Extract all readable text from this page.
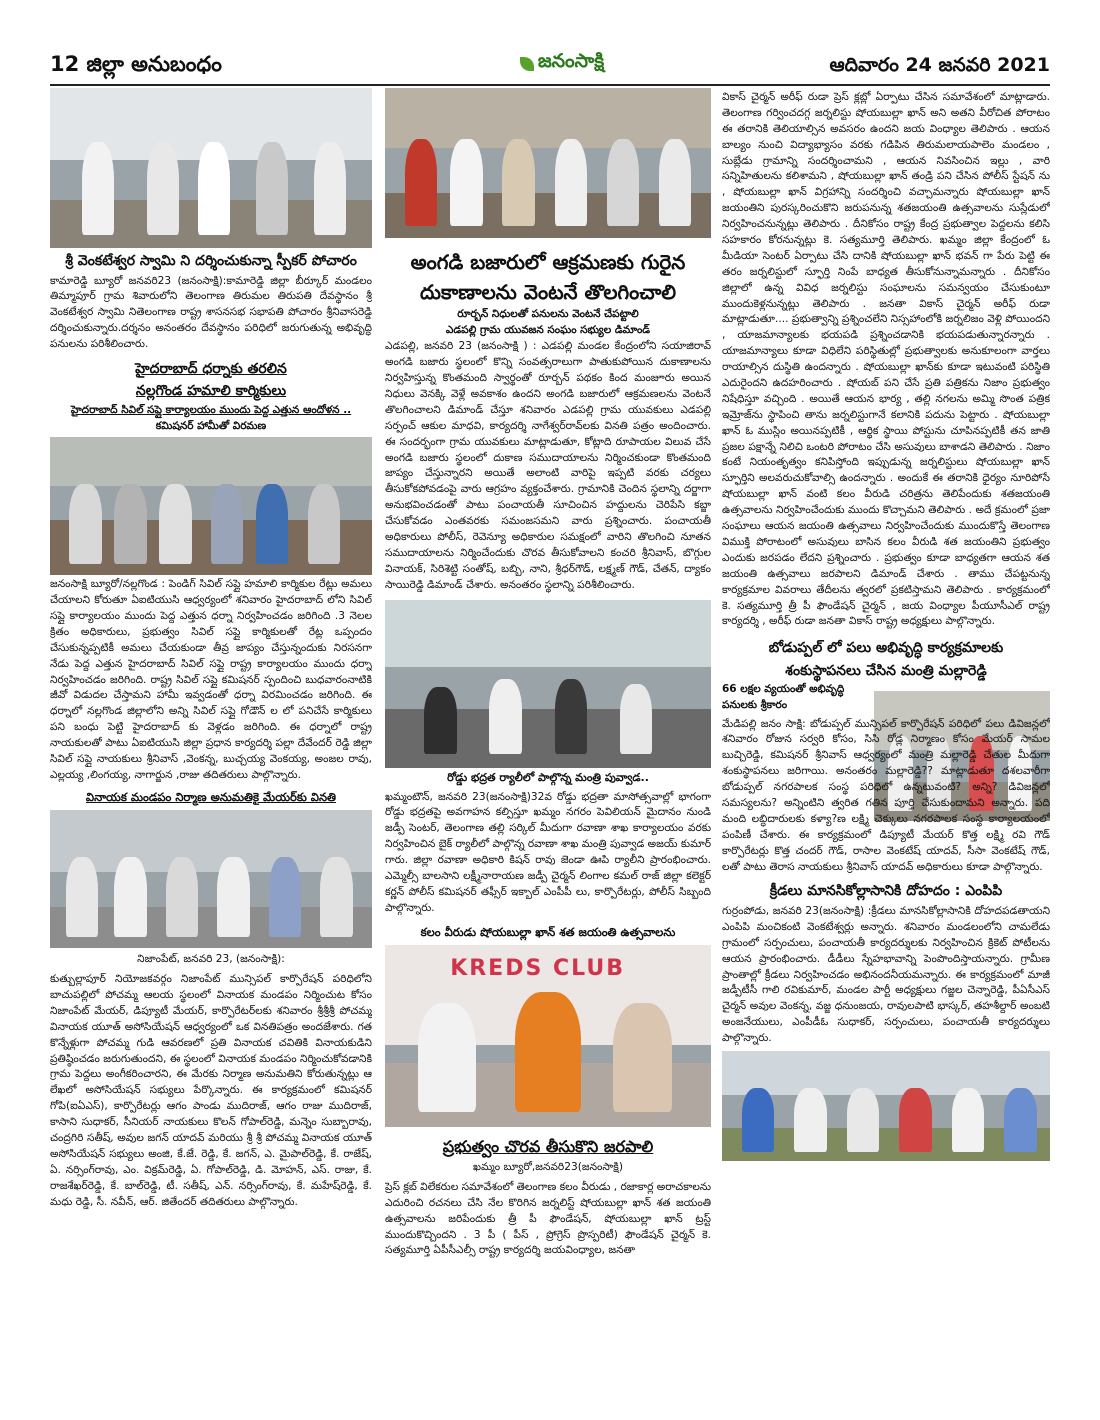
12 జిల్లా అనుబంధం	జనంసాక్షి	ఆదివారం 24 జనవరి 2021
శ్రీ వెంకటేశ్వర స్వామి ని దర్శించుకున్నా స్పీకర్ పోచారం
కామారెడ్డి బ్యూరో జనవరి23 (జనంసాక్షి):కామారెడ్డి జిల్లా బీర్కూర్ మండలం తిమ్మాపూర్ గ్రామ శివారులోని తెలంగాణ తిరుమల తిరుపతి దేవస్థానం శ్రీ వెంకటేశ్వర స్వామి నితెలంగాణ రాష్ట్ర శాసనసభ సభాపతి పోచారం శ్రీనివాసరెడ్డి దర్శించుకున్నారు.దర్శనం అనంతరం దేవస్థానం పరిధిలో జరుగుతున్న అభివృద్ధి పనులను పరిశీలించారు.
హైదరాబాద్ ధర్నాకు తరలిన
నల్లగొండ హమాలి కార్మికులు
హైదరాబాద్ సివిల్ సప్లై కార్యాలయం ముందు పెద్ద ఎత్తున ఆందోళన ..
కమిషనర్ హామీతో విరమణ
జనంసాక్షి బ్యూరో/నల్లగొండ : పెండిగ్ సివిల్ సప్లై హమాలి కార్మికుల రేట్లు అమలు చేయాలని కోరుతూ ఏఐటియుసి ఆధ్వర్యంలో శనివారం హైదరాబాద్ లోని సివిల్ సప్లై కార్యాలయం ముందు పెద్ద ఎత్తున ధర్నా నిర్వహించడం జరిగింది .3 నెలల క్రితం అధికారులు, ప్రభుత్వం సివిల్ సప్లై కార్మికులతో రేట్ల ఒప్పందం చేసుకున్నప్పటికీ అమలు చేయకుండా తీవ్ర జాప్యం చేస్తున్నందుకు నిరసనగా నేడు పెద్ద ఎత్తున హైదరాబాద్ సివిల్ సప్లై రాష్ట్ర కార్యాలయం ముందు ధర్నా నిర్వహించడం జరిగింది. రాష్ట్ర సివిల్ సప్లై కమిషనర్ స్పందించి బుధవారంనాటికి జీవో విడుదల చేస్తామని హామీ ఇవ్వడంతో ధర్నా విరమించడం జరిగింది. ఈ ధర్నాలో నల్లగొండ జిల్లాలోని అన్ని సివిల్ సప్లై గోడౌన్ ల లో పనిచేసే కార్మికులు పని బంధు పెట్టి హైదరాబాద్ కు వెళ్లడం జరిగింది. ఈ ధర్నాలో రాష్ట్ర నాయకులతో పాటు ఏఐటియుసి జిల్లా ప్రధాన కార్యదర్శి పల్లా దేవేందర్ రెడ్డి జిల్లా సివిల్ సప్లై నాయకులు శ్రీనివాస్ ,వెంకన్న, బుచ్చయ్య వెంకయ్య, అంజల రావు, ఎల్లయ్య ,లింగయ్య, నాగార్జున ,రాజు తదితరులు పాల్గొన్నారు.
వినాయక మండపం నిర్మాణ అనుమతికై మేయర్‌కు వినతి
నిజాంపేట్, జనవరి 23, (జనంసాక్షి):
కుత్బుల్లాపూర్ నియోజకవర్గం నిజాంపేట్ మున్సిపల్ కార్పొరేషన్ పరిధిలోని బాచుపల్లిలో పోచమ్మ ఆలయ స్థలంలో వినాయక మండపం నిర్మించుట కోసం నిజాంపేట్ మేయర్, డిప్యూటీ మేయర్, కార్పొరేటర్‌లకు శనివారం శ్రీశ్రీశ్రీ పోచమ్మ వినాయక యూత్ అసోసియేషన్ ఆధ్వర్యంలో ఒక వినతిపత్రం అందజేశారు. గత కొన్నేళ్లుగా పోచమ్మ గుడి ఆవరణలో ప్రతి వినాయక చవితికి వినాయకుడిని ప్రతిష్ఠించడం జరుగుతుందని, ఈ స్థలంలో వినాయక మండపం నిర్మించుకోవడానికి గ్రామ పెద్దలు అంగీకరించారని, ఈ మేరకు నిర్మాణ అనుమతిని కోరుతున్నట్లు ఆ లేఖలో అసోసియేషన్ సభ్యులు పేర్కొన్నారు. ఈ కార్యక్రమంలో కమిషనర్ గోపి(ఐఏఎస్), కార్పొరేటర్లు ఆగం పాండు ముదిరాజ్, ఆగం రాజు ముదిరాజ్, కాసాని సుధాకర్, సీనియర్ నాయకులు కొలన్ గోపాల్‌రెడ్డి, మన్నెం సుబ్బారావు, చంద్రగిరి సతీష్, అవుల జగన్ యాదవ్ మరియు శ్రీ శ్రీ పోచమ్మ వినాయక యూత్ అసోసియేషన్ సభ్యులు అంజి, కే.జే. రెడ్డి, కే. జగన్, ఎ. మైపాల్‌రెడ్డి, కే. రాజేష్, ఏ. నర్సింగ్‌రావు, ఎం. విక్రమ్‌రెడ్డి, ఏ. గోపాల్‌రెడ్డి, డి. మోహన్, ఎస్. రాజు, కే. రాజశేఖర్‌రెడ్డి, కే. బాల్‌రెడ్డి, టీ. సతీష్, ఎన్. నర్సింగ్‌రావు, కే. మహేష్‌రెడ్డి, కే. మధు రెడ్డి, సీ. నవీన్, ఆర్. జితేందర్ తదితరులు పాల్గొన్నారు.
అంగడి బజారులో ఆక్రమణకు గురైన
దుకాణాలను వెంటనే తొలగించాలి
రూర్బన్ నిధులతో పనులను వెంటనే చేపట్టాలి
ఎడపల్లి గ్రామ యువజన సంఘం సభ్యుల డిమాండ్
ఎడపల్లి, జనవరి 23 (జనంసాక్షి ) : ఎడపల్లి మండల కేంద్రంలోని సయాజిరావ్ అంగడి బజారు స్థలంలో కొన్ని సంవత్సరాలుగా పాతుకుపోయిన దుకాణాలను నిర్వహిస్తున్న కొంతమంది స్వార్థంతో రూర్బన్ పథకం కింద మంజూరు అయిన నిధులు వెనక్కి వెళ్లే అవకాశం ఉందని అంగడి బజారులో ఆక్రమణలను వెంటనే తొలగించాలని డిమాండ్ చేస్తూ శనివారం ఎడపల్లి గ్రామ యువకులు ఎడపల్లి సర్పంచ్ ఆకుల మాధవి, కార్యదర్శి నాగేశ్వర్‌రావ్‌లకు వినతి పత్రం అందించారు. ఈ సందర్భంగా గ్రామ యువకులు మాట్లాడుతూ, కోట్లాది రూపాయల విలువ చేసే అంగడి బజారు స్థలంలో దుకాణ సముదాయాలను నిర్మించకుండా కొంతమంది జాప్యం చేస్తున్నారని అయితే అలాంటి వారిపై ఇప్పటి వరకు చర్యలు తీసుకోకపోవడంపై వారు ఆగ్రహం వ్యక్తంచేశారు. గ్రామానికి చెందిన స్థలాన్ని దర్జాగా అనుభవించడంతో పాటు పంచాయతీ సూచించిన హద్దులను చెరిపేసి కబ్జా చేసుకోవడం ఎంతవరకు సమంజసమని వారు ప్రశ్నించారు. పంచాయతీ అధికారులు పోలీస్, రెవెన్యూ అధికారుల సమక్షంలో వారిని తొలగించి నూతన సముదాయాలను నిర్మించేందుకు చొరవ తీసుకోవాలని కంచరి శ్రీనివాస్, బొగ్గుల వినాయక్, సిరిశెట్టి సంతోష్, బబ్బి, నాని, శ్రీధర్‌గౌడ్, లక్ష్మణ్ గౌడ్, చేతన్, ద్యాకం సాయిరెడ్డి డిమాండ్ చేశారు. అనంతరం స్థలాన్ని పరిశీలించారు.
రోడ్డు భద్రత ర్యాలీలో పాల్గొన్న మంత్రి పువ్వాడ..
ఖమ్మంటౌన్, జనవరి 23(జనంసాక్షి)32వ రోడ్డు భద్రతా మాసోత్సవాల్లో భాగంగా రోడ్డు భద్రతపై అవగాహన కల్పిస్తూ ఖమ్మం నగరం పెవిలియన్ మైదానం నుండి జడ్పీ సెంటర్, తెలంగాణ తల్లి సర్కిల్ మీదుగా రవాణా శాఖ కార్యాలయం వరకు నిర్వహించిన బైక్ ర్యాలీలో పాల్గొన్న రవాణా శాఖ మంత్రి పువ్వాడ అజయ్ కుమార్ గారు. జిల్లా రవాణా అధికారి కిషన్ రావు జెండా ఊపి ర్యాలీని ప్రారంభించారు. ఎమ్మెల్సీ బాలసాని లక్ష్మీనారాయణ జడ్పీ చైర్మన్ లింగాల కమల్ రాజ్ జిల్లా కలెక్టర్ కర్ణన్ పోలీస్ కమిషనర్ తఫ్సీర్ ఇక్బాల్ ఎంపీపీ లు, కార్పొరేటర్లు, పోలీస్ సిబ్బంది పాల్గొన్నారు.
కలం వీరుడు షోయబుల్లా ఖాన్ శత జయంతి ఉత్సవాలను
KREDS CLUB
ప్రభుత్వం చొరవ తీసుకొని జరపాలి
ఖమ్మం బ్యూరో,జనవరి23(జనంసాక్షి)
ప్రెస్ క్లబ్ విలేకరుల సమావేశంలో తెలంగాణ కలం వీరుడు , రజాకార్ల అరాచకాలను ఎదురించి రచనలు చేసి నేల కొరిగిన జర్నలిస్ట్ షోయబుల్లా ఖాన్ శత జయంతి ఉత్సవాలను జరిపేందుకు త్రీ పీ ఫౌండేషన్, షోయబుల్లా ఖాన్ ట్రస్ట్ ముందుకొచ్చిందని . 3 పీ ( పీస్ , ప్రోగ్రెస్ ప్రొస్పరిటీ) ఫౌండేషన్ చైర్మన్ కె. సత్యమూర్తి ఏపీసీఎల్సీ రాష్ట్ర కార్యదర్శి జయవింధ్యాల, జనతా
వికాస్ చైర్మన్ అరీఫ్ రుడా ప్రెస్ క్లబ్లో ఏర్పాటు చేసిన సమావేశంలో మాట్లాడారు. తెలంగాణ గర్వించదగ్గ జర్నలిస్టు షోయబుల్లా ఖాన్ అని అతని వీరోచిత పోరాటం ఈ తరానికి తెలియాల్సిన అవసరం ఉందని జయ వింధ్యాల తెలిపారు . ఆయన బాల్యం నుంచి విద్యాభ్యాసం వరకు గడిపిన తిరుమలాయపాలెం మండలం , సుబ్లేడు గ్రామాన్ని సందర్శించామని , ఆయన నివసించిన ఇల్లు , వారి సన్నిహితులను కలిశామని , షోయబుల్లా ఖాన్ తండ్రి పని చేసిన పోలీస్ స్టేషన్ ను , షోయబుల్లా ఖాన్ విగ్రహాన్ని సందర్శించి వచ్చామన్నారు షోయబుల్లా ఖాన్ జయంతిని పురస్కరించుకొని జరుపనున్న శతజయంతి ఉత్సవాలను సుస్లేడులో నిర్వహించనున్నట్లు తెలిపారు . దీనికోసం రాష్ట్ర కేంద్ర ప్రభుత్వాల పెద్దలను కలిసి సహకారం కోరనున్నట్లు కె. సత్యమూర్తి తెలిపారు. ఖమ్మం జిల్లా కేంద్రంలో ఓ మీడియా సెంటర్ ఏర్పాటు చేసి దానికి షోయబుల్లా ఖాన్ భవన్ గా పేరు పెట్టి ఈ తరం జర్నలిస్టులో స్ఫూర్తి నింపే బాధ్యత తీసుకోనున్నామన్నారు . దీనికోసం జిల్లాలో ఉన్న వివిధ జర్నలిస్టు సంఘాలను సమన్వయం చేసుకుంటూ ముందుకెళ్లనున్నట్లు తెలిపారు . జనతా వికాస్ చైర్మన్ అరీఫ్ రుడా మాట్లాడుతూ.... ప్రభుత్వాన్ని ప్రశ్నించలేని నిస్సహాంలోకి జర్నలిజం వెళ్లి పోయిందని , యాజమాన్యాలకు భయపడి ప్రశ్నించడానికి భయపడుతున్నారన్నారు . యాజమాన్యాలు కూడా విధిలేని పరిస్థితుల్లో ప్రభుత్వాలకు అనుకూలంగా వార్తలు రాయాల్సిన దుస్థితి ఉందన్నారు . షోయబుల్లా ఖాన్‌కు కూడా ఇటువంటి పరిస్థితి ఎదురైందని ఉదహరించారు . షోయబ్ పని చేసే ప్రతి పత్రికను నిజాం ప్రభుత్వం నిషేధిస్తూ వచ్చింది . అయితే ఆయన భార్య , తల్లి నగలను అమ్మి సొంత పత్రిక ఇమ్రోజ్‌ను స్థాపించి తాను జర్నలిస్టుగానే కలానికి పదును పెట్టారు . షోయబుల్లా ఖాన్ ఓ ముస్లిం అయినప్పటికీ , ఆర్థిక స్థాయి పోస్టును చూపినప్పటికీ తన జాతి ప్రజల పక్షాన్నే నిలిచి ఒంటరి పోరాటం చేసి అసువులు బాశాడని తెలిపారు . నిజాం కంటే నియంతృత్వం కనిపిస్తోంది ఇప్పుడున్న జర్నలిస్టులు షోయబుల్లా ఖాన్ స్ఫూర్తిని అలవరుచుకోవాల్సి ఉందన్నారు . అందుకే ఈ తరానికి ధైర్యం నూరిపోసే షోయబుల్లా ఖాన్ వంటి కలం వీరుడి చరిత్రను తెలిపేందుకు శతజయంతి ఉత్సవాలను నిర్వహించేందుకు ముందు కొచ్చామని తెలిపారు . అదే క్రమంలో ప్రజా సంఘాలు ఆయన జయంతి ఉత్సవాలు నిర్వహించేందుకు ముందుకొస్తే తెలంగాణ విముక్తి పోరాటంలో అసువులు బాసిన కలం వీరుడి శత జయంతిని ప్రభుత్వం ఎందుకు జరపడం లేదని ప్రశ్నించారు . ప్రభుత్వం కూడా బాధ్యతగా ఆయన శత జయంతి ఉత్సవాలు జరపాలని డిమాండ్ చేశారు . తాము చేపట్టనున్న కార్యక్రమాల వివరాలు తేదీలను త్వరలో ప్రకటిస్తామని తెలిపారు . కార్యక్రమంలో కె. సత్యమూర్తి త్రీ పీ ఫౌండేషన్ చైర్మన్ , జయ వింధ్యాల పీయూసీఎల్ రాష్ట్ర కార్యదర్శి , అరీఫ్ రుడా జనతా వికాస్ రాష్ట్ర అధ్యక్షులు పాల్గొన్నారు.
బోడుప్పల్ లో పలు అభివృద్ధి కార్యక్రమాలకు
శంకుస్థాపనలు చేసిన మంత్రి మల్లారెడ్డి
66 లక్షల వ్యయంతో అభివృద్ధి
పనులకు శ్రీకారం
మేడిపల్లి జనం సాక్షి: బోడుప్పల్ మున్సిపల్ కార్పొరేషన్ పరిధిలో పలు డివిజన్లలో శనివారం రోజున సర్వరి కోసం, సిసి రోడ్ల నిర్మాణం కోసం మేయర్ సామల బుచ్చిరెడ్డి, కమిషనర్ శ్రీనివాస్ ఆధ్వర్యంలో మంత్రి మల్లారెడ్డి చేతుల మీదుగా శంకుస్థాపనలు జరిగాయి. అనంతరం మల్లారెడ్డి?? మాట్లాడుతూ దశలవారీగా బోడుప్పల్ నగరపాలక సంస్థ పరిధిలో ఉన్నటువంటి? అన్ని? డివిజన్లలో సమస్యలను? అన్నింటిని త్వరిత గతిన పూర్తి చేసుకుందామని అన్నారు. పది మంది లబ్ధిదారులకు కళ్యా?ణ లక్ష్మి చెక్కులు నగరపాలక సంస్థ కార్యాలయంలో పంపిణీ చేశారు. ఈ కార్యక్రమంలో డిప్యూటీ మేయర్ కొత్త లక్ష్మి రవి గౌడ్ కార్పొరేటర్లు కొత్త చందర్ గౌడ్, రాసాల వెంకటేష్ యాదవ్, సీసా వెంకటేష్ గౌడ్, లతో పాటు తెరాస నాయకులు శ్రీనివాస్ యాదవ్ అధికారులు కూడా పాల్గొన్నారు.
క్రీడలు మానసికోల్లాసానికి దోహదం : ఎంపిపి
గుర్రంపోడు, జనవరి 23(జనంసాక్షి) :క్రీడలు మానసికోల్లాసానికి దోహదపడతాయని ఎంపిపి మంచికంటి వెంకటేశ్వర్లు అన్నారు. శనివారం మండలంలోని చామలేడు గ్రామంలో సర్పంచులు, పంచాయతీ కార్యదర్శులకు నిర్వహించిన క్రికెట్ పోటీలను ఆయన ప్రారంభించారు. డీడీలు స్నేహభావాన్ని పెంపొందిస్తాయన్నారు. గ్రామీణ ప్రాంతాల్లో క్రీడలు నిర్వహించడం అభినందనీయమన్నారు. ఈ కార్యక్రమంలో మాజీ జడ్పీటీసీ గాలి రవికుమార్, మండల పార్టీ అధ్యక్షులు గజ్జల చెన్నారెడ్డి, పీఏసీఎస్ చైర్మన్ అవుల వెంకన్న, వజ్జ ధనుంజయ, రావులపాటి భాస్కర్, తహశీల్దార్ అంబటి అంజనేయులు, ఎంపీడీఓ సుధాకర్, సర్పంచులు, పంచాయతీ కార్యదర్శులు పాల్గొన్నారు.
